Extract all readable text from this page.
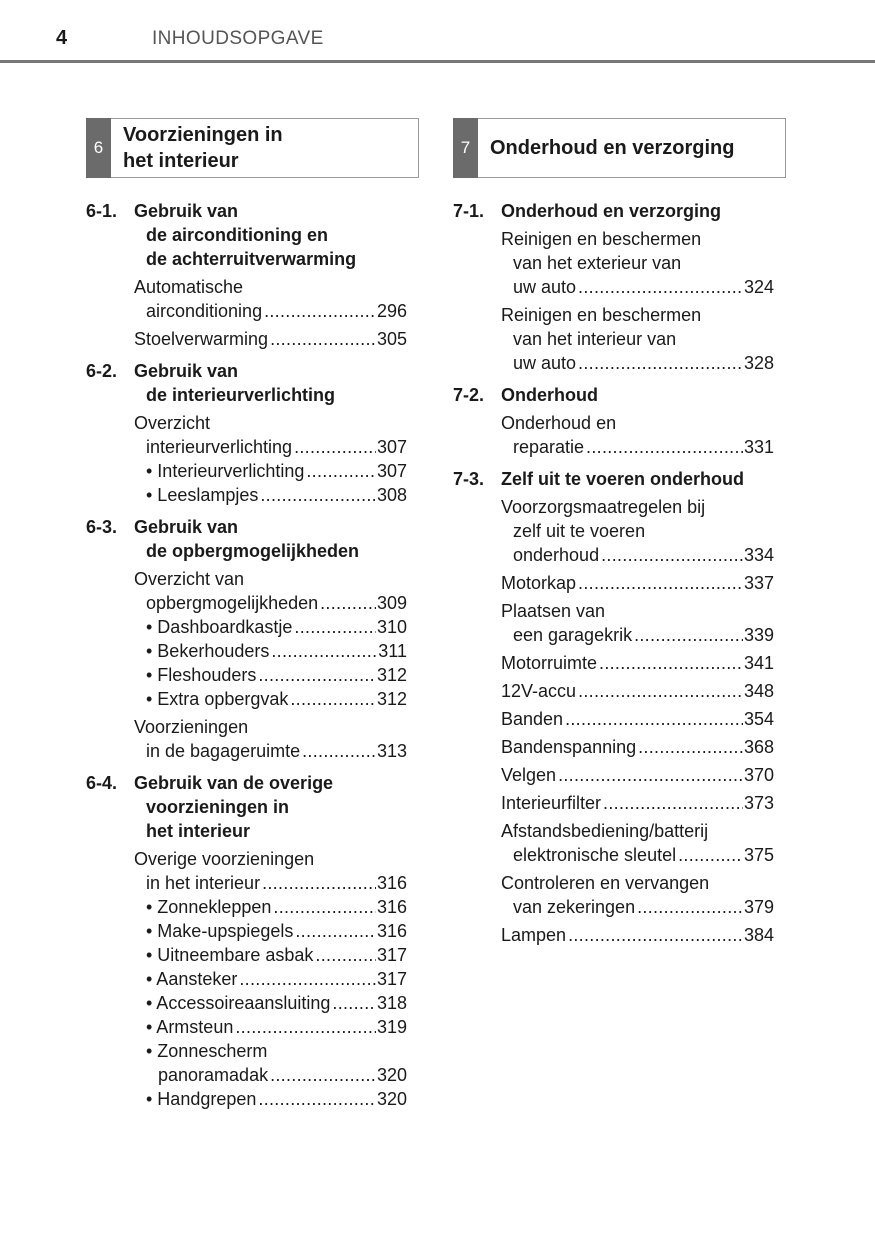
4	INHOUDSOPGAVE
6
Voorzieningen in
het interieur
6-1. Gebruik van
de airconditioning en
de achterruitverwarming
Automatische
airconditioning .....	296
Stoelverwarming .....	305
6-2. Gebruik van
de interieurverlichting
Overzicht
interieurverlichting .....	307
• Interieurverlichting .....	307
• Leeslampjes .....	308
6-3. Gebruik van
de opbergmogelijkheden
Overzicht van
opbergmogelijkheden .....	309
• Dashboardkastje .....	310
• Bekerhouders .....	311
• Fleshouders .....	312
• Extra opbergvak .....	312
Voorzieningen
in de bagageruimte .....	313
6-4. Gebruik van de overige
voorzieningen in
het interieur
Overige voorzieningen
in het interieur .....	316
• Zonnekleppen .....	316
• Make-upspiegels .....	316
• Uitneembare asbak .....	317
• Aansteker .....	317
• Accessoireaansluiting .....	318
• Armsteun .....	319
• Zonnescherm
panoramadak .....	320
• Handgrepen .....	320
7 Onderhoud en verzorging
7-1. Onderhoud en verzorging
Reinigen en beschermen
van het exterieur van
uw auto .....	324
Reinigen en beschermen
van het interieur van
uw auto .....	328
7-2. Onderhoud
Onderhoud en
reparatie .....	331
7-3. Zelf uit te voeren onderhoud
Voorzorgsmaatregelen bij
zelf uit te voeren
onderhoud .....	334
Motorkap .....	337
Plaatsen van
een garagekrik .....	339
Motorruimte .....	341
12V-accu .....	348
Banden .....	354
Bandenspanning .....	368
Velgen .....	370
Interieurfilter .....	373
Afstandsbediening/batterij
elektronische sleutel .....	375
Controleren en vervangen
van zekeringen .....	379
Lampen .....	384
